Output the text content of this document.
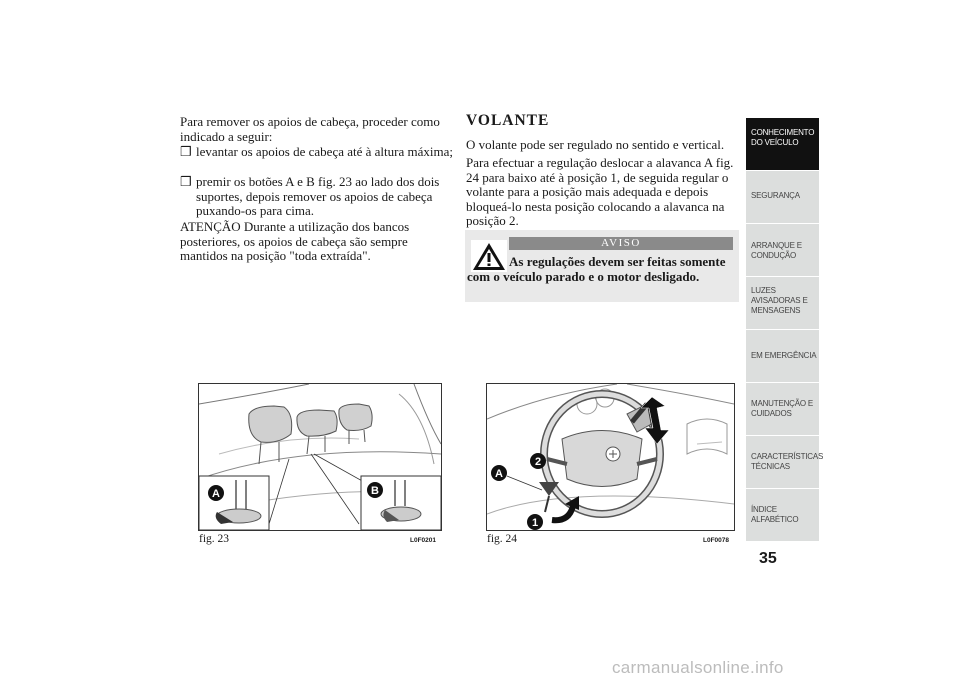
Para remover os apoios de cabeça, proceder como indicado a seguir:

❒ levantar os apoios de cabeça até à altura máxima;
❒ premir os botões A e B fig. 23 ao lado dos dois suportes, depois remover os apoios de cabeça puxando-os para cima.

ATENÇÃO Durante a utilização dos bancos posteriores, os apoios de cabeça são sempre mantidos na posição "toda extraída".

VOLANTE

O volante pode ser regulado no sentido e vertical.

Para efectuar a regulação deslocar a alavanca A fig. 24 para baixo até à posição 1, de seguida regular o volante para a posição mais adequada e depois bloqueá-lo nesta posição colocando a alavanca na posição 2.

AVISO
As regulações devem ser feitas somente com o veículo parado e o motor desligado.
A	B
fig. 23	L0F0201
A
2
1
fig. 24	L0F0078
CONHECIMENTO
DO VEÍCULO
SEGURANÇA
ARRANQUE E
CONDUÇÃO
LUZES
AVISADORAS E
MENSAGENS
EM EMERGÊNCIA
MANUTENÇÃO E
CUIDADOS
CARACTERÍSTICAS
TÉCNICAS
ÍNDICE
ALFABÉTICO
35
carmanualsonline.info
